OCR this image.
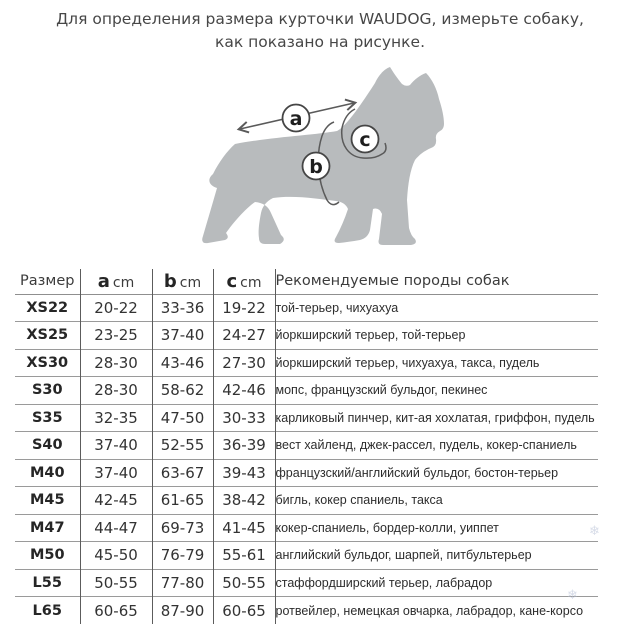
Для определения размера курточки WAUDOG, измерьте собаку, как показано на рисунке.

a
c
b
Размер	a cm	b cm	c cm	Рекомендуемые породы собак
XS22	20-22	33-36	19-22	той-терьер, чихуахуа
XS25	23-25	37-40	24-27	йоркширский терьер, той-терьер
XS30	28-30	43-46	27-30	йоркширский терьер, чихуахуа, такса, пудель
S30	28-30	58-62	42-46	мопс, французский бульдог, пекинес
S35	32-35	47-50	30-33	карликовый пинчер, кит-ая хохлатая, гриффон, пудель
S40	37-40	52-55	36-39	вест хайленд, джек-рассел, пудель, кокер-спаниель
M40	37-40	63-67	39-43	французский/английский бульдог, бостон-терьер
M45	42-45	61-65	38-42	бигль, кокер спаниель, такса
M47	44-47	69-73	41-45	кокер-спаниель, бордер-колли, уиппет
M50	45-50	76-79	55-61	английский бульдог, шарпей, питбультерьер
L55	50-55	77-80	50-55	стаффордширский терьер, лабрадор
L65	60-65	87-90	60-65	ротвейлер, немецкая овчарка, лабрадор, кане-корсо
❄
❄
